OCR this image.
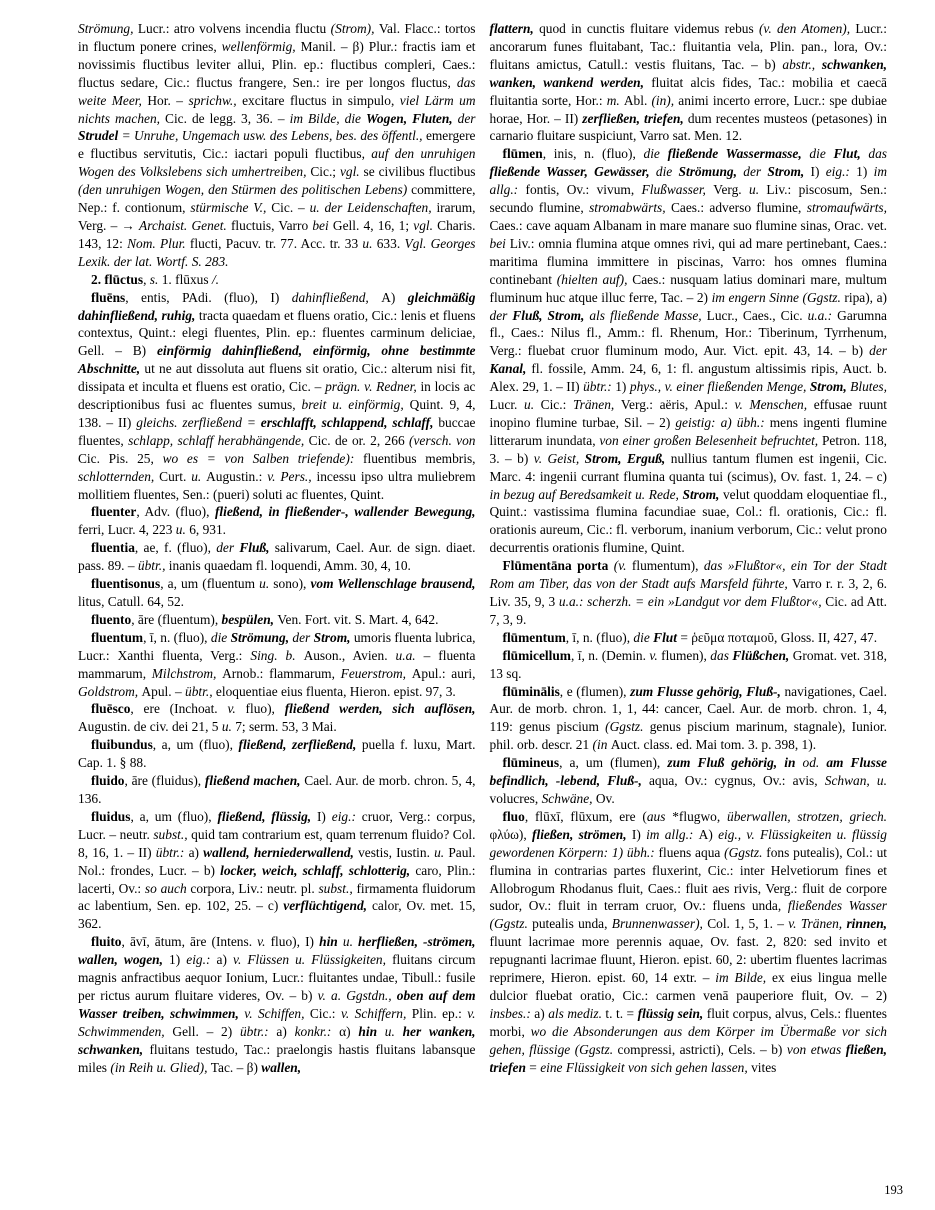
Strömung, Lucr.: atro volvens incendia fluctu (Strom), Val. Flacc.: tortos in fluctum ponere crines, wellenförmig, Manil. – β) Plur.: fractis iam et novissimis fluctibus leviter allui, Plin. ep.: fluctibus compleri, Caes.: fluctus sedare, Cic.: fluctus frangere, Sen.: ire per longos fluctus, das weite Meer, Hor. – sprichw., excitare fluctus in simpulo, viel Lärm um nichts machen, Cic. de legg. 3, 36. – im Bilde, die Wogen, Fluten, der Strudel = Unruhe, Ungemach usw. des Lebens, bes. des öffentl., emergere e fluctibus servitutis, Cic.: iactari populi fluctibus, auf den unruhigen Wogen des Volkslebens sich umhertreiben, Cic.; vgl. se civilibus fluctibus (den unruhigen Wogen, den Stürmen des politischen Lebens) committere, Nep.: f. contionum, stürmische V., Cic. – u. der Leidenschaften, irarum, Verg. – → Archaist. Genet. fluctuis, Varro bei Gell. 4, 16, 1; vgl. Charis. 143, 12: Nom. Plur. flucti, Pacuv. tr. 77. Acc. tr. 33 u. 633. Vgl. Georges Lexik. der lat. Wortf. S. 283.

2. flūctus, s. 1. flūxus /.

fluēns, entis, PAdi. (fluo), I) dahinfließend, A) gleichmäßig dahinfließend, ruhig, tracta quaedam et fluens oratio, Cic.: lenis et fluens contextus, Quint.: elegi fluentes, Plin. ep.: fluentes carminum deliciae, Gell. – B) einförmig dahinfließend, einförmig, ohne bestimmte Abschnitte, ut ne aut dissoluta aut fluens sit oratio, Cic.: alterum nisi fit, dissipata et inculta et fluens est oratio, Cic. – prägn. v. Redner, in locis ac descriptionibus fusi ac fluentes sumus, breit u. einförmig, Quint. 9, 4, 138. – II) gleichs. zerfließend = erschlafft, schlappend, schlaff, buccae fluentes, schlapp, schlaff herabhängende, Cic. de or. 2, 266 (versch. von Cic. Pis. 25, wo es = von Salben triefende): fluentibus membris, schlotternden, Curt. u. Augustin.: v. Pers., incessu ipso ultra muliebrem mollitiem fluentes, Sen.: (pueri) soluti ac fluentes, Quint.

fluenter, Adv. (fluo), fließend, in fließender-, wallender Bewegung, ferri, Lucr. 4, 223 u. 6, 931.

fluentia, ae, f. (fluo), der Fluß, salivarum, Cael. Aur. de sign. diaet. pass. 89. – übtr., inanis quaedam fl. loquendi, Amm. 30, 4, 10.

fluentisonus, a, um (fluentum u. sono), vom Wellenschlage brausend, litus, Catull. 64, 52.

fluento, āre (fluentum), bespülen, Ven. Fort. vit. S. Mart. 4, 642.

fluentum, ī, n. (fluo), die Strömung, der Strom, umoris fluenta lubrica, Lucr.: Xanthi fluenta, Verg.: Sing. b. Auson., Avien. u.a. – fluenta mammarum, Milchstrom, Arnob.: flammarum, Feuerstrom, Apul.: auri, Goldstrom, Apul. – übtr., eloquentiae eius fluenta, Hieron. epist. 97, 3.

fluēsco, ere (Inchoat. v. fluo), fließend werden, sich auflösen, Augustin. de civ. dei 21, 5 u. 7; serm. 53, 3 Mai.

fluibundus, a, um (fluo), fließend, zerfließend, puella f. luxu, Mart. Cap. 1. § 88.

fluido, āre (fluidus), fließend machen, Cael. Aur. de morb. chron. 5, 4, 136.

fluidus, a, um (fluo), fließend, flüssig, I) eig.: cruor, Verg.: corpus, Lucr. – neutr. subst., quid tam contrarium est, quam terrenum fluido? Col. 8, 16, 1. – II) übtr.: a) wallend, herniederwallend, vestis, Iustin. u. Paul. Nol.: frondes, Lucr. – b) locker, weich, schlaff, schlotterig, caro, Plin.: lacerti, Ov.: so auch corpora, Liv.: neutr. pl. subst., firmamenta fluidorum ac labentium, Sen. ep. 102, 25. – c) verflüchtigend, calor, Ov. met. 15, 362.

fluito, āvī, ātum, āre (Intens. v. fluo), I) hin u. herfließen, -strömen, wallen, wogen, 1) eig.: a) v. Flüssen u. Flüssigkeiten, fluitans circum magnis anfractibus aequor Ionium, Lucr.: fluitantes undae, Tibull.: fusile per rictus aurum fluitare videres, Ov. – b) v. a. Ggstdn., oben auf dem Wasser treiben, schwimmen, v. Schiffen, Cic.: v. Schiffern, Plin. ep.: v. Schwimmenden, Gell. – 2) übtr.: a) konkr.: α) hin u. her wanken, schwanken, fluitans testudo, Tac.: praelongis hastis fluitans labansque miles (in Reih u. Glied), Tac. – β) wallen,

flattern, quod in cunctis fluitare videmus rebus (v. den Atomen), Lucr.: ancorarum funes fluitabant, Tac.: fluitantia vela, Plin. pan., lora, Ov.: fluitans amictus, Catull.: vestis fluitans, Tac. – b) abstr., schwanken, wanken, wankend werden, fluitat alcis fides, Tac.: mobilia et caecā fluitantia sorte, Hor.: m. Abl. (in), animi incerto errore, Lucr.: spe dubiae horae, Hor. – II) zerfließen, triefen, dum recentes musteos (petasones) in carnario fluitare suspiciunt, Varro sat. Men. 12.

flūmen, inis, n. (fluo), die fließende Wassermasse, die Flut, das fließende Wasser, Gewässer, die Strömung, der Strom, I) eig.: 1) im allg.: fontis, Ov.: vivum, Flußwasser, Verg. u. Liv.: piscosum, Sen.: secundo flumine, stromabwärts, Caes.: adverso flumine, stromaufwärts, Caes.: cave aquam Albanam in mare manare suo flumine sinas, Orac. vet. bei Liv.: omnia flumina atque omnes rivi, qui ad mare pertinebant, Caes.: maritima flumina immittere in piscinas, Varro: hos omnes flumina continebant (hielten auf), Caes.: nusquam latius dominari mare, multum fluminum huc atque illuc ferre, Tac. – 2) im engern Sinne (Ggstz. ripa), a) der Fluß, Strom, als fließende Masse, Lucr., Caes., Cic. u.a.: Garumna fl., Caes.: Nilus fl., Amm.: fl. Rhenum, Hor.: Tiberinum, Tyrrhenum, Verg.: fluebat cruor fluminum modo, Aur. Vict. epit. 43, 14. – b) der Kanal, fl. fossile, Amm. 24, 6, 1: fl. angustum altissimis ripis, Auct. b. Alex. 29, 1. – II) übtr.: 1) phys., v. einer fließenden Menge, Strom, Blutes, Lucr. u. Cic.: Tränen, Verg.: aëris, Apul.: v. Menschen, effusae ruunt inopino flumine turbae, Sil. – 2) geistig: a) übh.: mens ingenti flumine litterarum inundata, von einer großen Belesenheit befruchtet, Petron. 118, 3. – b) v. Geist, Strom, Erguß, nullius tantum flumen est ingenii, Cic. Marc. 4: ingenii currant flumina quanta tui (scimus), Ov. fast. 1, 24. – c) in bezug auf Beredsamkeit u. Rede, Strom, velut quoddam eloquentiae fl., Quint.: vastissima flumina facundiae suae, Col.: fl. orationis, Cic.: fl. orationis aureum, Cic.: fl. verborum, inanium verborum, Cic.: velut prono decurrentis orationis flumine, Quint.

Flūmentāna porta (v. flumentum), das »Flußtor«, ein Tor der Stadt Rom am Tiber, das von der Stadt aufs Marsfeld führte, Varro r. r. 3, 2, 6. Liv. 35, 9, 3 u.a.: scherzh. = ein »Landgut vor dem Flußtor«, Cic. ad Att. 7, 3, 9.

flūmentum, ī, n. (fluo), die Flut = ῥεῦμα ποταμοῦ, Gloss. II, 427, 47.

flūmicellum, ī, n. (Demin. v. flumen), das Flüßchen, Gromat. vet. 318, 13 sq.

flūminālis, e (flumen), zum Flusse gehörig, Fluß-, navigationes, Cael. Aur. de morb. chron. 1, 1, 44: cancer, Cael. Aur. de morb. chron. 1, 4, 119: genus piscium (Ggstz. genus piscium marinum, stagnale), Iunior. phil. orb. descr. 21 (in Auct. class. ed. Mai tom. 3. p. 398, 1).

flūmineus, a, um (flumen), zum Fluß gehörig, in od. am Flusse befindlich, -lebend, Fluß-, aqua, Ov.: cygnus, Ov.: avis, Schwan, u. volucres, Schwäne, Ov.

fluo, flūxī, flūxum, ere (aus *flugwo, überwallen, strotzen, griech. φλύω), fließen, strömen, I) im allg.: A) eig., v. Flüssigkeiten u. flüssig gewordenen Körpern: 1) übh.: fluens aqua (Ggstz. fons putealis), Col.: ut flumina in contrarias partes fluxerint, Cic.: inter Helvetiorum fines et Allobrogum Rhodanus fluit, Caes.: fluit aes rivis, Verg.: fluit de corpore sudor, Ov.: fluit in terram cruor, Ov.: fluens unda, fließendes Wasser (Ggstz. putealis unda, Brunnenwasser), Col. 1, 5, 1. – v. Tränen, rinnen, fluunt lacrimae more perennis aquae, Ov. fast. 2, 820: sed invito et repugnanti lacrimae fluunt, Hieron. epist. 60, 2: ubertim fluentes lacrimas reprimere, Hieron. epist. 60, 14 extr. – im Bilde, ex eius lingua melle dulcior fluebat oratio, Cic.: carmen venā pauperiore fluit, Ov. – 2) insbes.: a) als mediz. t. t. = flüssig sein, fluit corpus, alvus, Cels.: fluentes morbi, wo die Absonderungen aus dem Körper im Übermaße vor sich gehen, flüssige (Ggstz. compressi, astricti), Cels. – b) von etwas fließen, triefen = eine Flüssigkeit von sich gehen lassen, vites

193
